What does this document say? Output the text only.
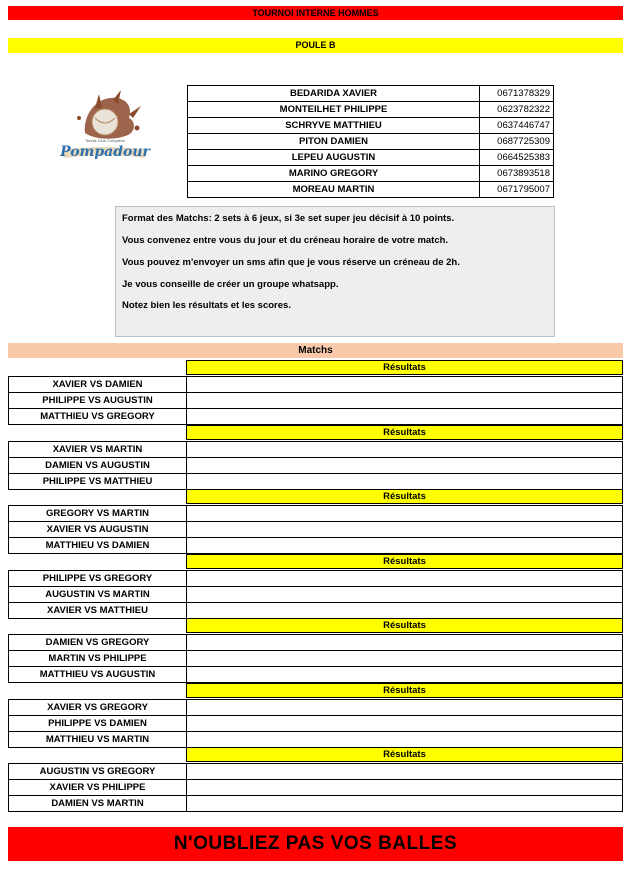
TOURNOI INTERNE HOMMES
POULE B
Tennis Club Complexe
Pompadour
BEDARIDA XAVIER	0671378329
MONTEILHET PHILIPPE	0623782322
SCHRYVE MATTHIEU	0637446747
PITON DAMIEN	0687725309
LEPEU AUGUSTIN	0664525383
MARINO GREGORY	0673893518
MOREAU MARTIN	0671795007

Format des Matchs: 2 sets à 6 jeux, si 3e set super jeu décisif à 10 points.

Vous convenez entre vous du jour et du créneau horaire de votre match.

Vous pouvez m'envoyer un sms afin que je vous réserve un créneau de 2h.

Je vous conseille de créer un groupe whatsapp.

Notez bien les résultats et les scores.

Matchs
Résultats
XAVIER VS DAMIEN
PHILIPPE VS AUGUSTIN
MATTHIEU VS GREGORY
Résultats
XAVIER VS MARTIN
DAMIEN VS AUGUSTIN
PHILIPPE VS MATTHIEU
Résultats
GREGORY VS MARTIN
XAVIER VS AUGUSTIN
MATTHIEU VS DAMIEN
Résultats
PHILIPPE VS GREGORY
AUGUSTIN VS MARTIN
XAVIER VS MATTHIEU
Résultats
DAMIEN VS GREGORY
MARTIN VS PHILIPPE
MATTHIEU VS AUGUSTIN
Résultats
XAVIER VS GREGORY
PHILIPPE VS DAMIEN
MATTHIEU VS MARTIN
Résultats
AUGUSTIN VS GREGORY
XAVIER VS PHILIPPE
DAMIEN VS MARTIN
N'OUBLIEZ PAS VOS BALLES
